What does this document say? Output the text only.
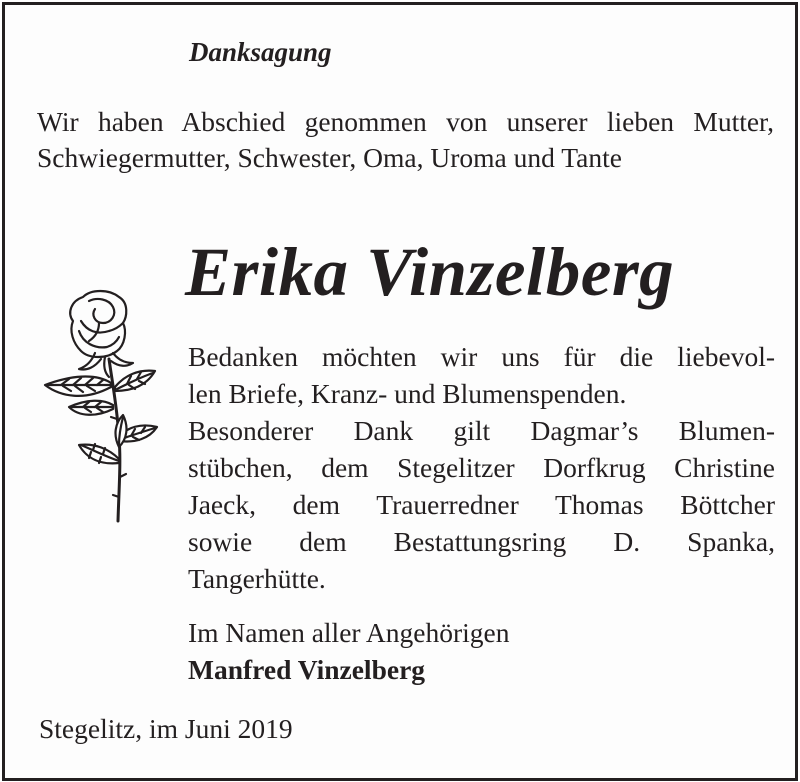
Danksagung

Wir haben Abschied genommen von unserer lieben Mutter, Schwiegermutter, Schwester, Oma, Uroma und Tante

Erika Vinzelberg
Bedanken möchten wir uns für die liebevol-
len Briefe, Kranz- und Blumenspenden.
Besonderer Dank gilt Dagmar’s Blumen-
stübchen, dem Stegelitzer Dorfkrug Christine
Jaeck, dem Trauerredner Thomas Böttcher
sowie dem Bestattungsring D. Spanka,
Tangerhütte.
Im Namen aller Angehörigen
Manfred Vinzelberg
Stegelitz, im Juni 2019
